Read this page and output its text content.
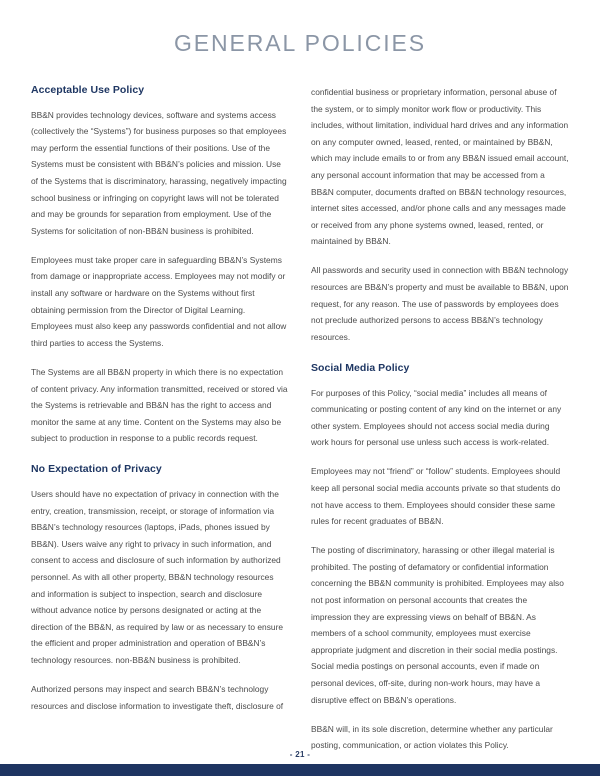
GENERAL POLICIES
Acceptable Use Policy

BB&N provides technology devices, software and systems access (collectively the “Systems”) for business purposes so that employees may perform the essential functions of their positions. Use of the Systems must be consistent with BB&N’s policies and mission. Use of the Systems that is discriminatory, harassing, negatively impacting school business or infringing on copyright laws will not be tolerated and may be grounds for separation from employment. Use of the Systems for solicitation of non-BB&N business is prohibited.

Employees must take proper care in safeguarding BB&N’s Systems from damage or inappropriate access. Employees may not modify or install any software or hardware on the Systems without first obtaining permission from the Director of Digital Learning. Employees must also keep any passwords confidential and not allow third parties to access the Systems.

The Systems are all BB&N property in which there is no expectation of content privacy. Any information transmitted, received or stored via the Systems is retrievable and BB&N has the right to access and monitor the same at any time. Content on the Systems may also be subject to production in response to a public records request.

No Expectation of Privacy

Users should have no expectation of privacy in connection with the entry, creation, transmission, receipt, or storage of information via BB&N’s technology resources (laptops, iPads, phones issued by BB&N). Users waive any right to privacy in such information, and consent to access and disclosure of such information by authorized personnel. As with all other property, BB&N technology resources and information is subject to inspection, search and disclosure without advance notice by persons designated or acting at the direction of the BB&N, as required by law or as necessary to ensure the efficient and proper administration and operation of BB&N’s technology resources. non-BB&N business is prohibited.

Authorized persons may inspect and search BB&N’s technology resources and disclose information to investigate theft, disclosure of

confidential business or proprietary information, personal abuse of the system, or to simply monitor work flow or productivity. This includes, without limitation, individual hard drives and any information on any computer owned, leased, rented, or maintained by BB&N, which may include emails to or from any BB&N issued email account, any personal account information that may be accessed from a BB&N computer, documents drafted on BB&N technology resources, internet sites accessed, and/or phone calls and any messages made or received from any phone systems owned, leased, rented, or maintained by BB&N.

All passwords and security used in connection with BB&N technology resources are BB&N’s property and must be available to BB&N, upon request, for any reason. The use of passwords by employees does not preclude authorized persons to access BB&N’s technology resources.

Social Media Policy

For purposes of this Policy, “social media” includes all means of communicating or posting content of any kind on the internet or any other system. Employees should not access social media during work hours for personal use unless such access is work-related.

Employees may not “friend” or “follow” students. Employees should keep all personal social media accounts private so that students do not have access to them. Employees should consider these same rules for recent graduates of BB&N.

The posting of discriminatory, harassing or other illegal material is prohibited. The posting of defamatory or confidential information concerning the BB&N community is prohibited. Employees may also not post information on personal accounts that creates the impression they are expressing views on behalf of BB&N. As members of a school community, employees must exercise appropriate judgment and discretion in their social media postings. Social media postings on personal accounts, even if made on personal devices, off-site, during non-work hours, may have a disruptive effect on BB&N’s operations.

BB&N will, in its sole discretion, determine whether any particular posting, communication, or action violates this Policy.

- 21 -
